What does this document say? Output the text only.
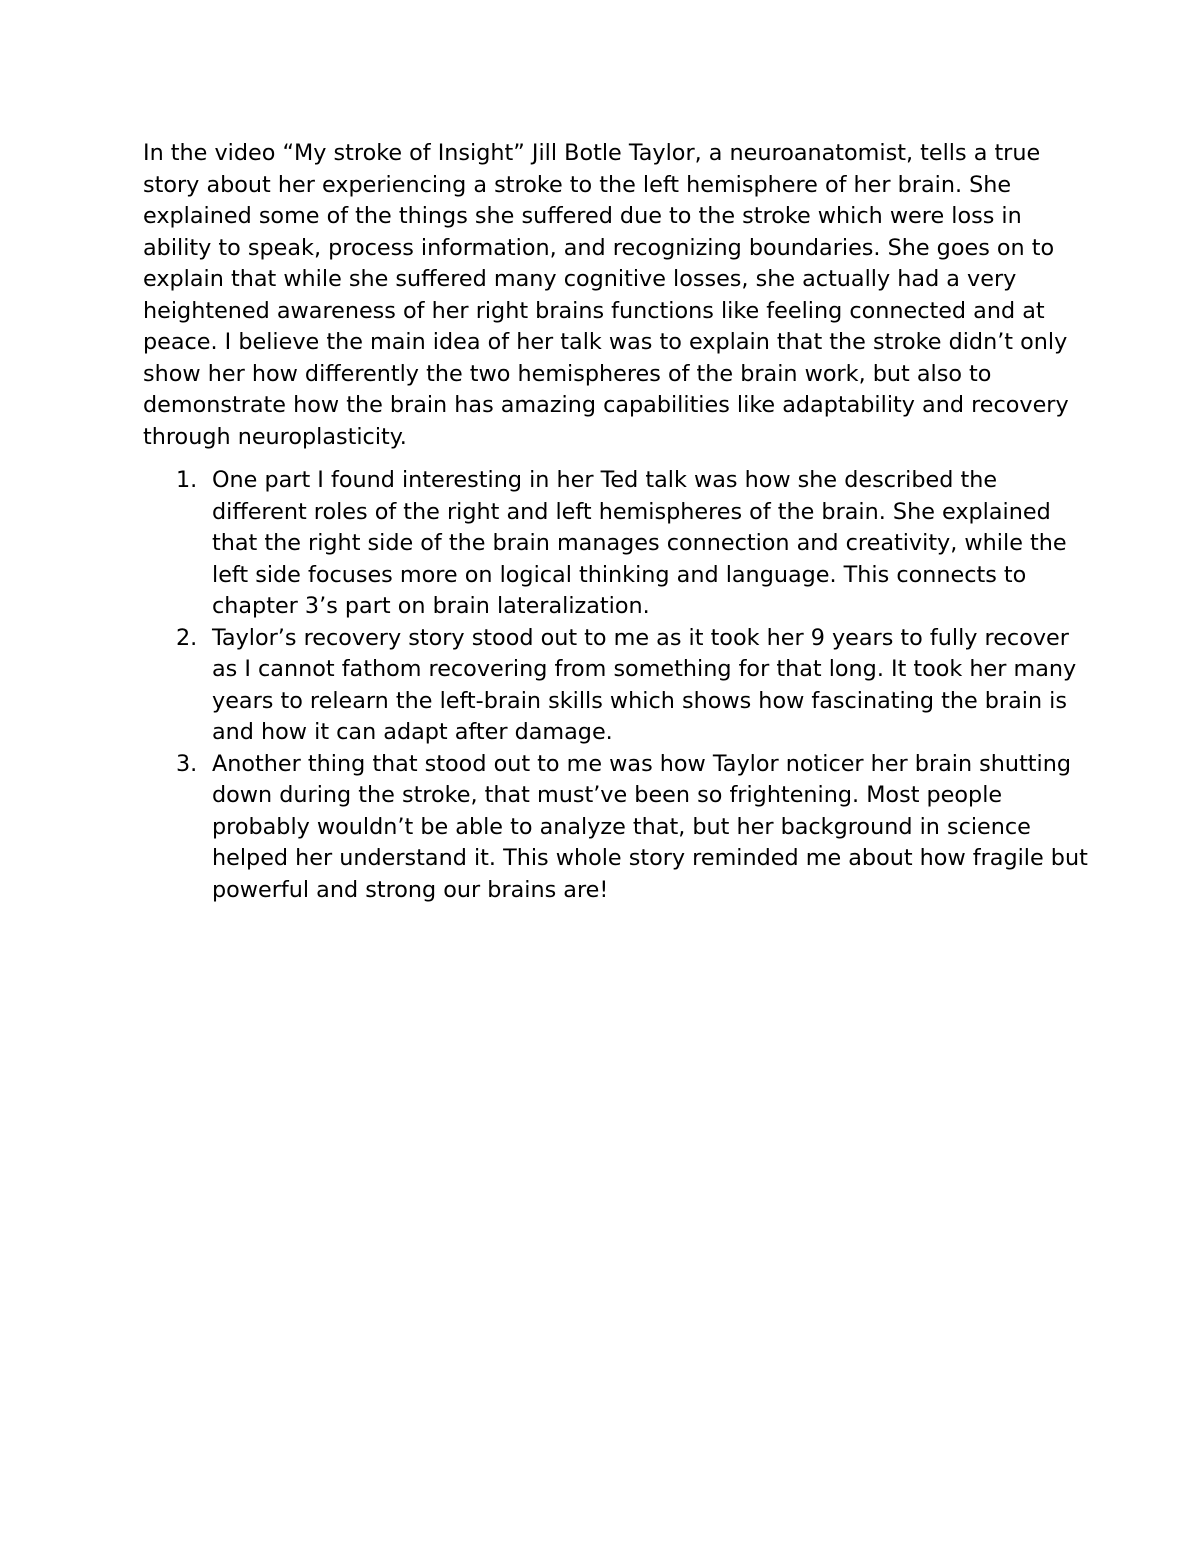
In the video “My stroke of Insight” Jill Botle Taylor, a neuroanatomist, tells a true story about her experiencing a stroke to the left hemisphere of her brain. She explained some of the things she suffered due to the stroke which were loss in ability to speak, process information, and recognizing boundaries. She goes on to explain that while she suffered many cognitive losses, she actually had a very heightened awareness of her right brains functions like feeling connected and at peace. I believe the main idea of her talk was to explain that the stroke didn’t only show her how differently the two hemispheres of the brain work, but also to demonstrate how the brain has amazing capabilities like adaptability and recovery through neuroplasticity.

1. One part I found interesting in her Ted talk was how she described the different roles of the right and left hemispheres of the brain. She explained that the right side of the brain manages connection and creativity, while the left side focuses more on logical thinking and language. This connects to chapter 3’s part on brain lateralization.
2. Taylor’s recovery story stood out to me as it took her 9 years to fully recover as I cannot fathom recovering from something for that long. It took her many years to relearn the left-brain skills which shows how fascinating the brain is and how it can adapt after damage.
3. Another thing that stood out to me was how Taylor noticer her brain shutting down during the stroke, that must’ve been so frightening. Most people probably wouldn’t be able to analyze that, but her background in science helped her understand it. This whole story reminded me about how fragile but powerful and strong our brains are!
